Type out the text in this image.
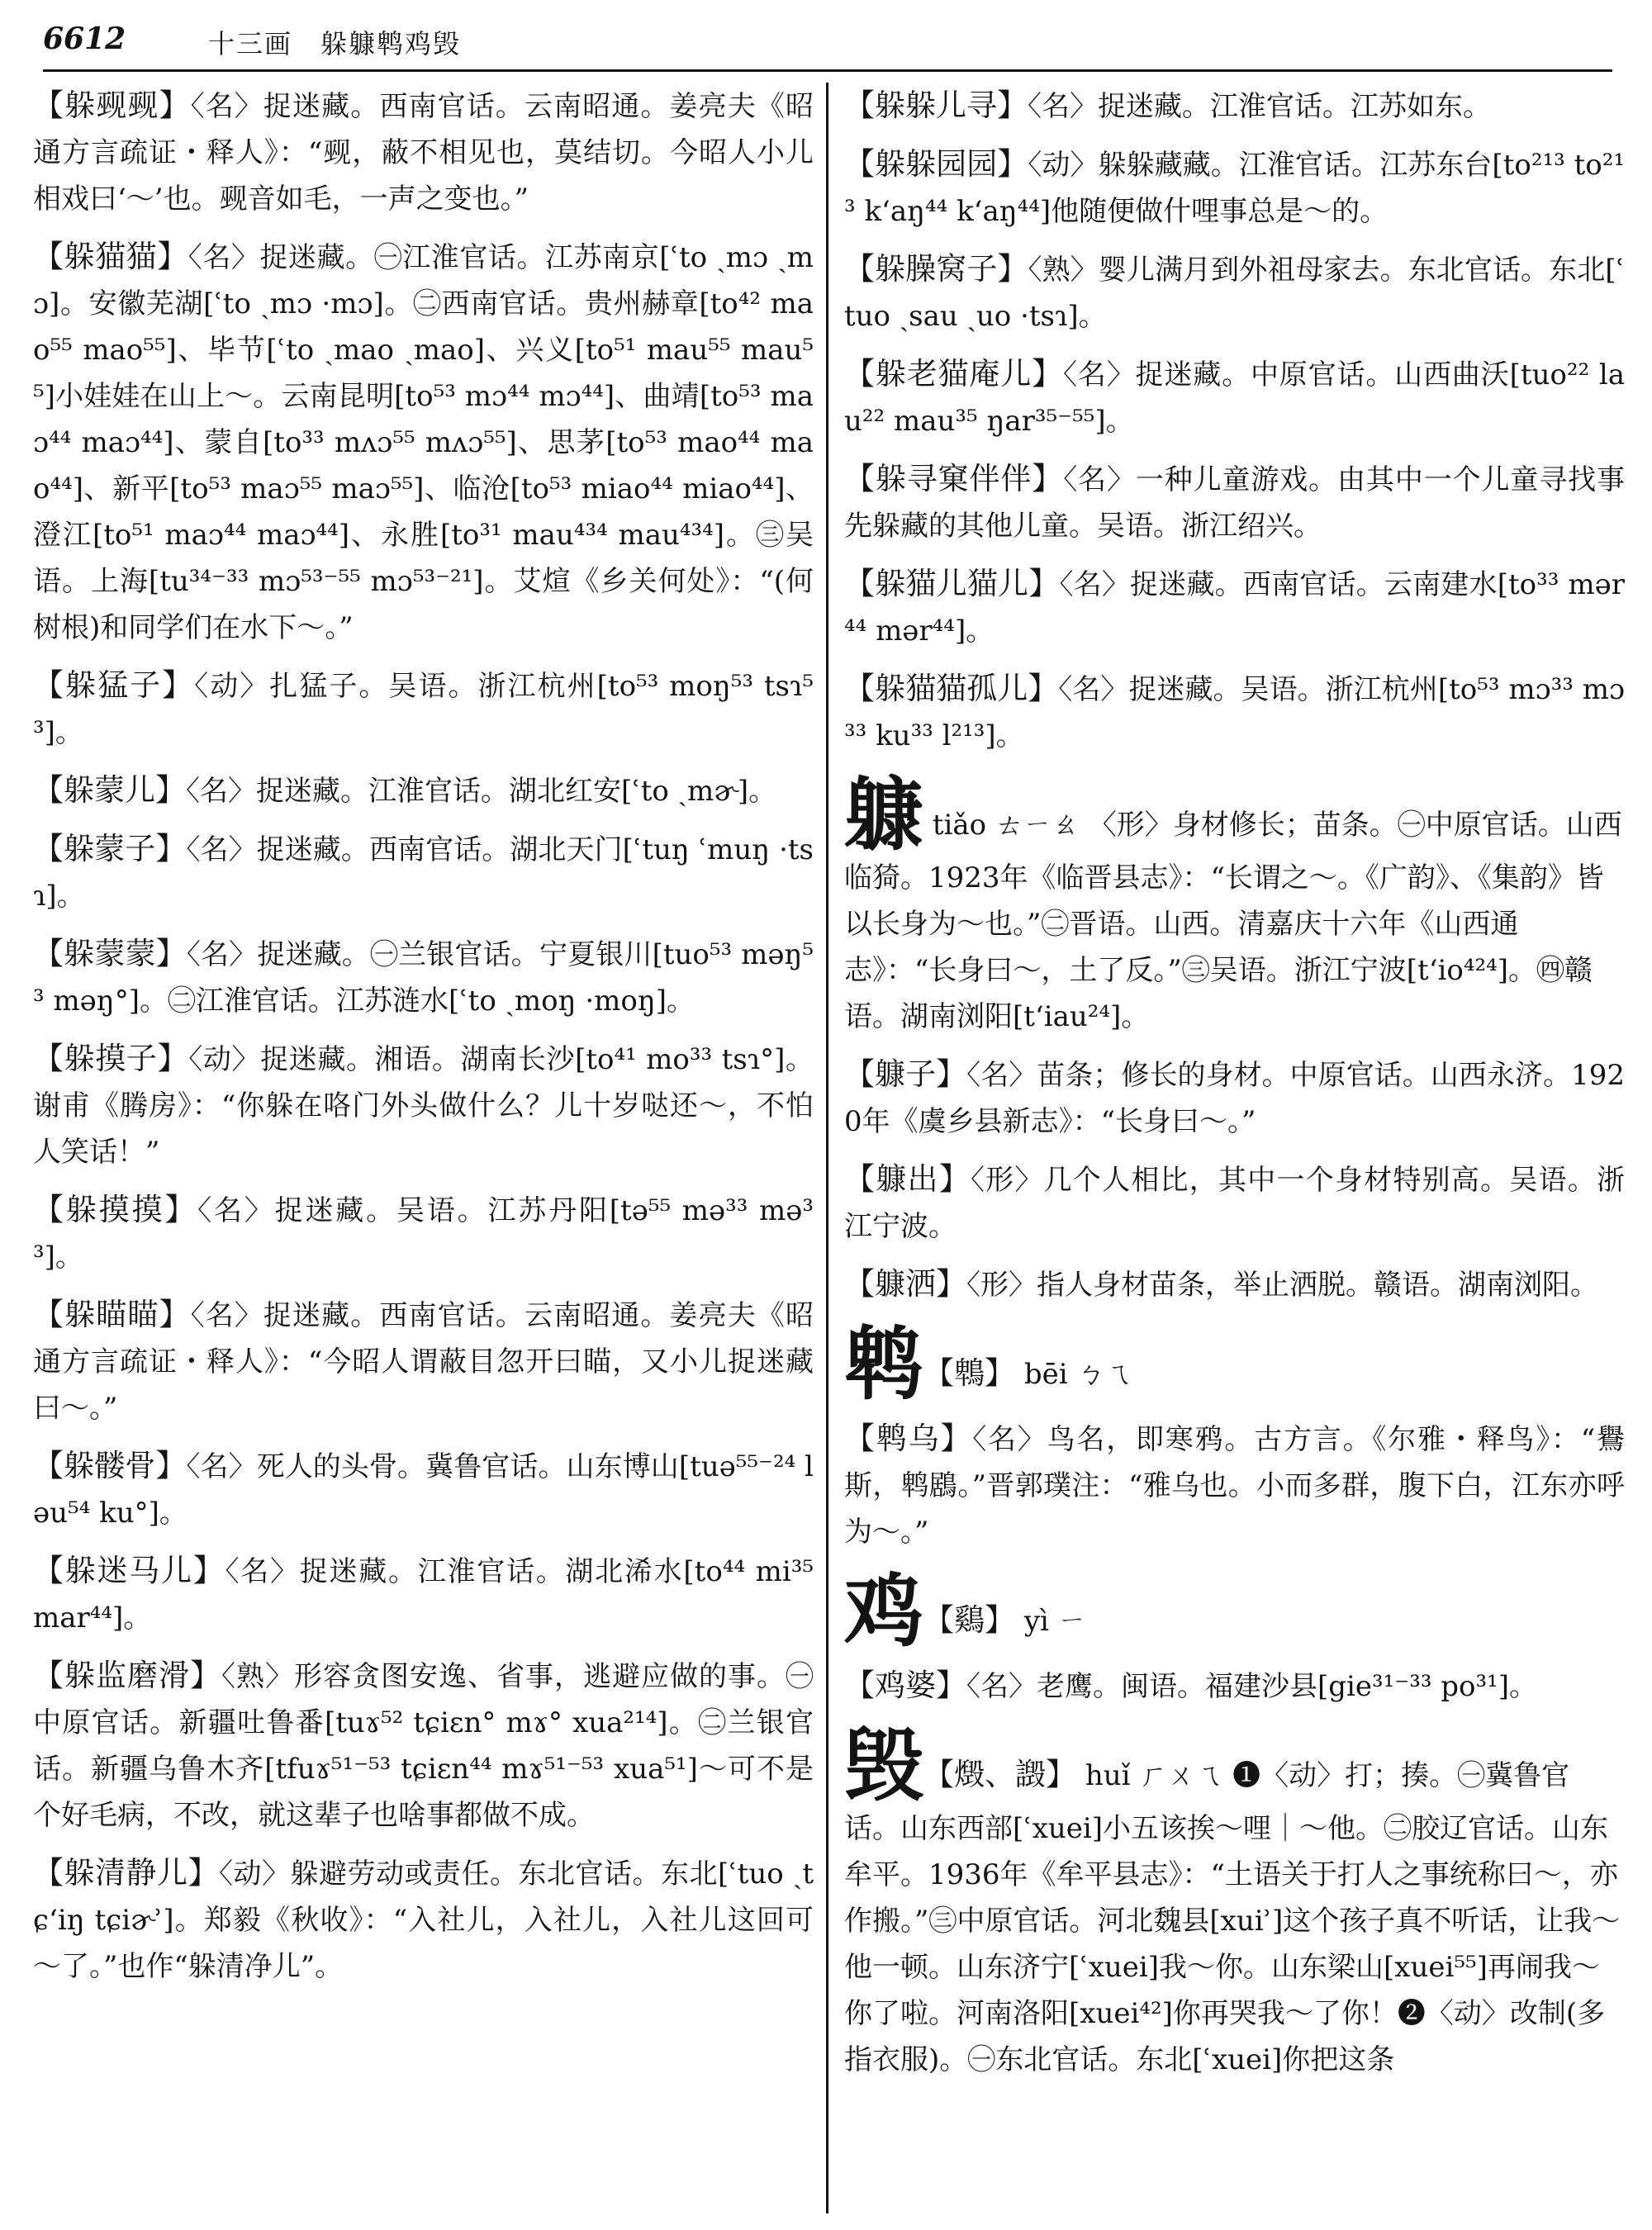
6612	十三画　躲躿鹎鸡毁
【躲觋觋】〈名〉捉迷藏。西南官话。云南昭通。姜亮夫《昭通方言疏证・释人》：“觋，蔽不相见也，莫结切。今昭人小儿相戏曰‘～’也。觋音如毛，一声之变也。”
【躲猫猫】〈名〉捉迷藏。㊀江淮官话。江苏南京[ʿto ˏmɔ ˏmɔ]。安徽芜湖[ʿto ˏmɔ ·mɔ]。㊁西南官话。贵州赫章[to⁴² mao⁵⁵ mao⁵⁵]、毕节[ʿto ˏmao ˏmao]、兴义[to⁵¹ mau⁵⁵ mau⁵⁵]小娃娃在山上～。云南昆明[to⁵³ mɔ⁴⁴ mɔ⁴⁴]、曲靖[to⁵³ maɔ⁴⁴ maɔ⁴⁴]、蒙自[to³³ mʌɔ⁵⁵ mʌɔ⁵⁵]、思茅[to⁵³ mao⁴⁴ mao⁴⁴]、新平[to⁵³ maɔ⁵⁵ maɔ⁵⁵]、临沧[to⁵³ miao⁴⁴ miao⁴⁴]、澄江[to⁵¹ maɔ⁴⁴ maɔ⁴⁴]、永胜[to³¹ mau⁴³⁴ mau⁴³⁴]。㊂吴语。上海[tu³⁴⁻³³ mɔ⁵³⁻⁵⁵ mɔ⁵³⁻²¹]。艾煊《乡关何处》：“(何树根)和同学们在水下～。”
【躲猛子】〈动〉扎猛子。吴语。浙江杭州[to⁵³ moŋ⁵³ tsɿ⁵³]。
【躲蒙儿】〈名〉捉迷藏。江淮官话。湖北红安[ʿto ˏmɚ]。
【躲蒙子】〈名〉捉迷藏。西南官话。湖北天门[ʿtuŋ ʿmuŋ ·tsɿ]。
【躲蒙蒙】〈名〉捉迷藏。㊀兰银官话。宁夏银川[tuo⁵³ məŋ⁵³ məŋ°]。㊁江淮官话。江苏涟水[ʿto ˏmoŋ ·moŋ]。
【躲摸子】〈动〉捉迷藏。湘语。湖南长沙[to⁴¹ mo³³ tsɿ°]。谢甫《腾房》：“你躲在咯门外头做什么？儿十岁哒还～，不怕人笑话！”
【躲摸摸】〈名〉捉迷藏。吴语。江苏丹阳[tə⁵⁵ mə³³ mə³³]。
【躲瞄瞄】〈名〉捉迷藏。西南官话。云南昭通。姜亮夫《昭通方言疏证・释人》：“今昭人谓蔽目忽开曰瞄，又小儿捉迷藏曰～。”
【躲髅骨】〈名〉死人的头骨。冀鲁官话。山东博山[tuə⁵⁵⁻²⁴ ləu⁵⁴ ku°]。
【躲迷马儿】〈名〉捉迷藏。江淮官话。湖北浠水[to⁴⁴ mi³⁵ mar⁴⁴]。
【躲监磨滑】〈熟〉形容贪图安逸、省事，逃避应做的事。㊀中原官话。新疆吐鲁番[tuɤ⁵² tɕiɛn° mɤ° xua²¹⁴]。㊁兰银官话。新疆乌鲁木齐[tfuɤ⁵¹⁻⁵³ tɕiɛn⁴⁴ mɤ⁵¹⁻⁵³ xua⁵¹]～可不是个好毛病，不改，就这辈子也啥事都做不成。
【躲清静儿】〈动〉躲避劳动或责任。东北官话。东北[ʿtuo ˏtɕʻiŋ tɕiɚʾ]。郑毅《秋收》：“入社儿，入社儿，入社儿这回可～了。”也作“躲清净儿”。
【躲躲儿寻】〈名〉捉迷藏。江淮官话。江苏如东。
【躲躲园园】〈动〉躲躲藏藏。江淮官话。江苏东台[to²¹³ to²¹³ kʻaŋ⁴⁴ kʻaŋ⁴⁴]他随便做什哩事总是～的。
【躲臊窝子】〈熟〉婴儿满月到外祖母家去。东北官话。东北[ʿtuo ˏsau ˏuo ·tsɿ]。
【躲老猫庵儿】〈名〉捉迷藏。中原官话。山西曲沃[tuo²² lau²² mau³⁵ ŋar³⁵⁻⁵⁵]。
【躲寻窠伴伴】〈名〉一种儿童游戏。由其中一个儿童寻找事先躲藏的其他儿童。吴语。浙江绍兴。
【躲猫儿猫儿】〈名〉捉迷藏。西南官话。云南建水[to³³ mər⁴⁴ mər⁴⁴]。
【躲猫猫孤儿】〈名〉捉迷藏。吴语。浙江杭州[to⁵³ mɔ³³ mɔ³³ ku³³ l²¹³]。
躿 tiǎo ㄊㄧㄠ 〈形〉身材修长；苗条。㊀中原官话。山西临猗。1923年《临晋县志》：“长谓之～。《广韵》、《集韵》皆以长身为～也。”㊁晋语。山西。清嘉庆十六年《山西通志》：“长身曰～，土了反。”㊂吴语。浙江宁波[tʻio⁴²⁴]。㊃赣语。湖南浏阳[tʻiau²⁴]。
【躿子】〈名〉苗条；修长的身材。中原官话。山西永济。1920年《虞乡县新志》：“长身曰～。”
【躿出】〈形〉几个人相比，其中一个身材特别高。吴语。浙江宁波。
【躿洒】〈形〉指人身材苗条，举止洒脱。赣语。湖南浏阳。
鹎【鵯】 bēi ㄅㄟ
【鹎乌】〈名〉鸟名，即寒鸦。古方言。《尔雅・释鸟》：“鸒斯，鹎鶋。”晋郭璞注：“雅乌也。小而多群，腹下白，江东亦呼为～。”
鸡【鷄】 yì ㄧ
【鸡婆】〈名〉老鹰。闽语。福建沙县[gie³¹⁻³³ po³¹]。
毁【燬、譭】 huǐ ㄏㄨㄟ ❶〈动〉打；揍。㊀冀鲁官话。山东西部[ʿxuei]小五该挨～哩｜～他。㊁胶辽官话。山东牟平。1936年《牟平县志》：“土语关于打人之事统称曰～，亦作搬。”㊂中原官话。河北魏县[xuiʾ]这个孩子真不听话，让我～他一顿。山东济宁[ʿxuei]我～你。山东梁山[xuei⁵⁵]再闹我～你了啦。河南洛阳[xuei⁴²]你再哭我～了你！❷〈动〉改制(多指衣服)。㊀东北官话。东北[ʿxuei]你把这条
